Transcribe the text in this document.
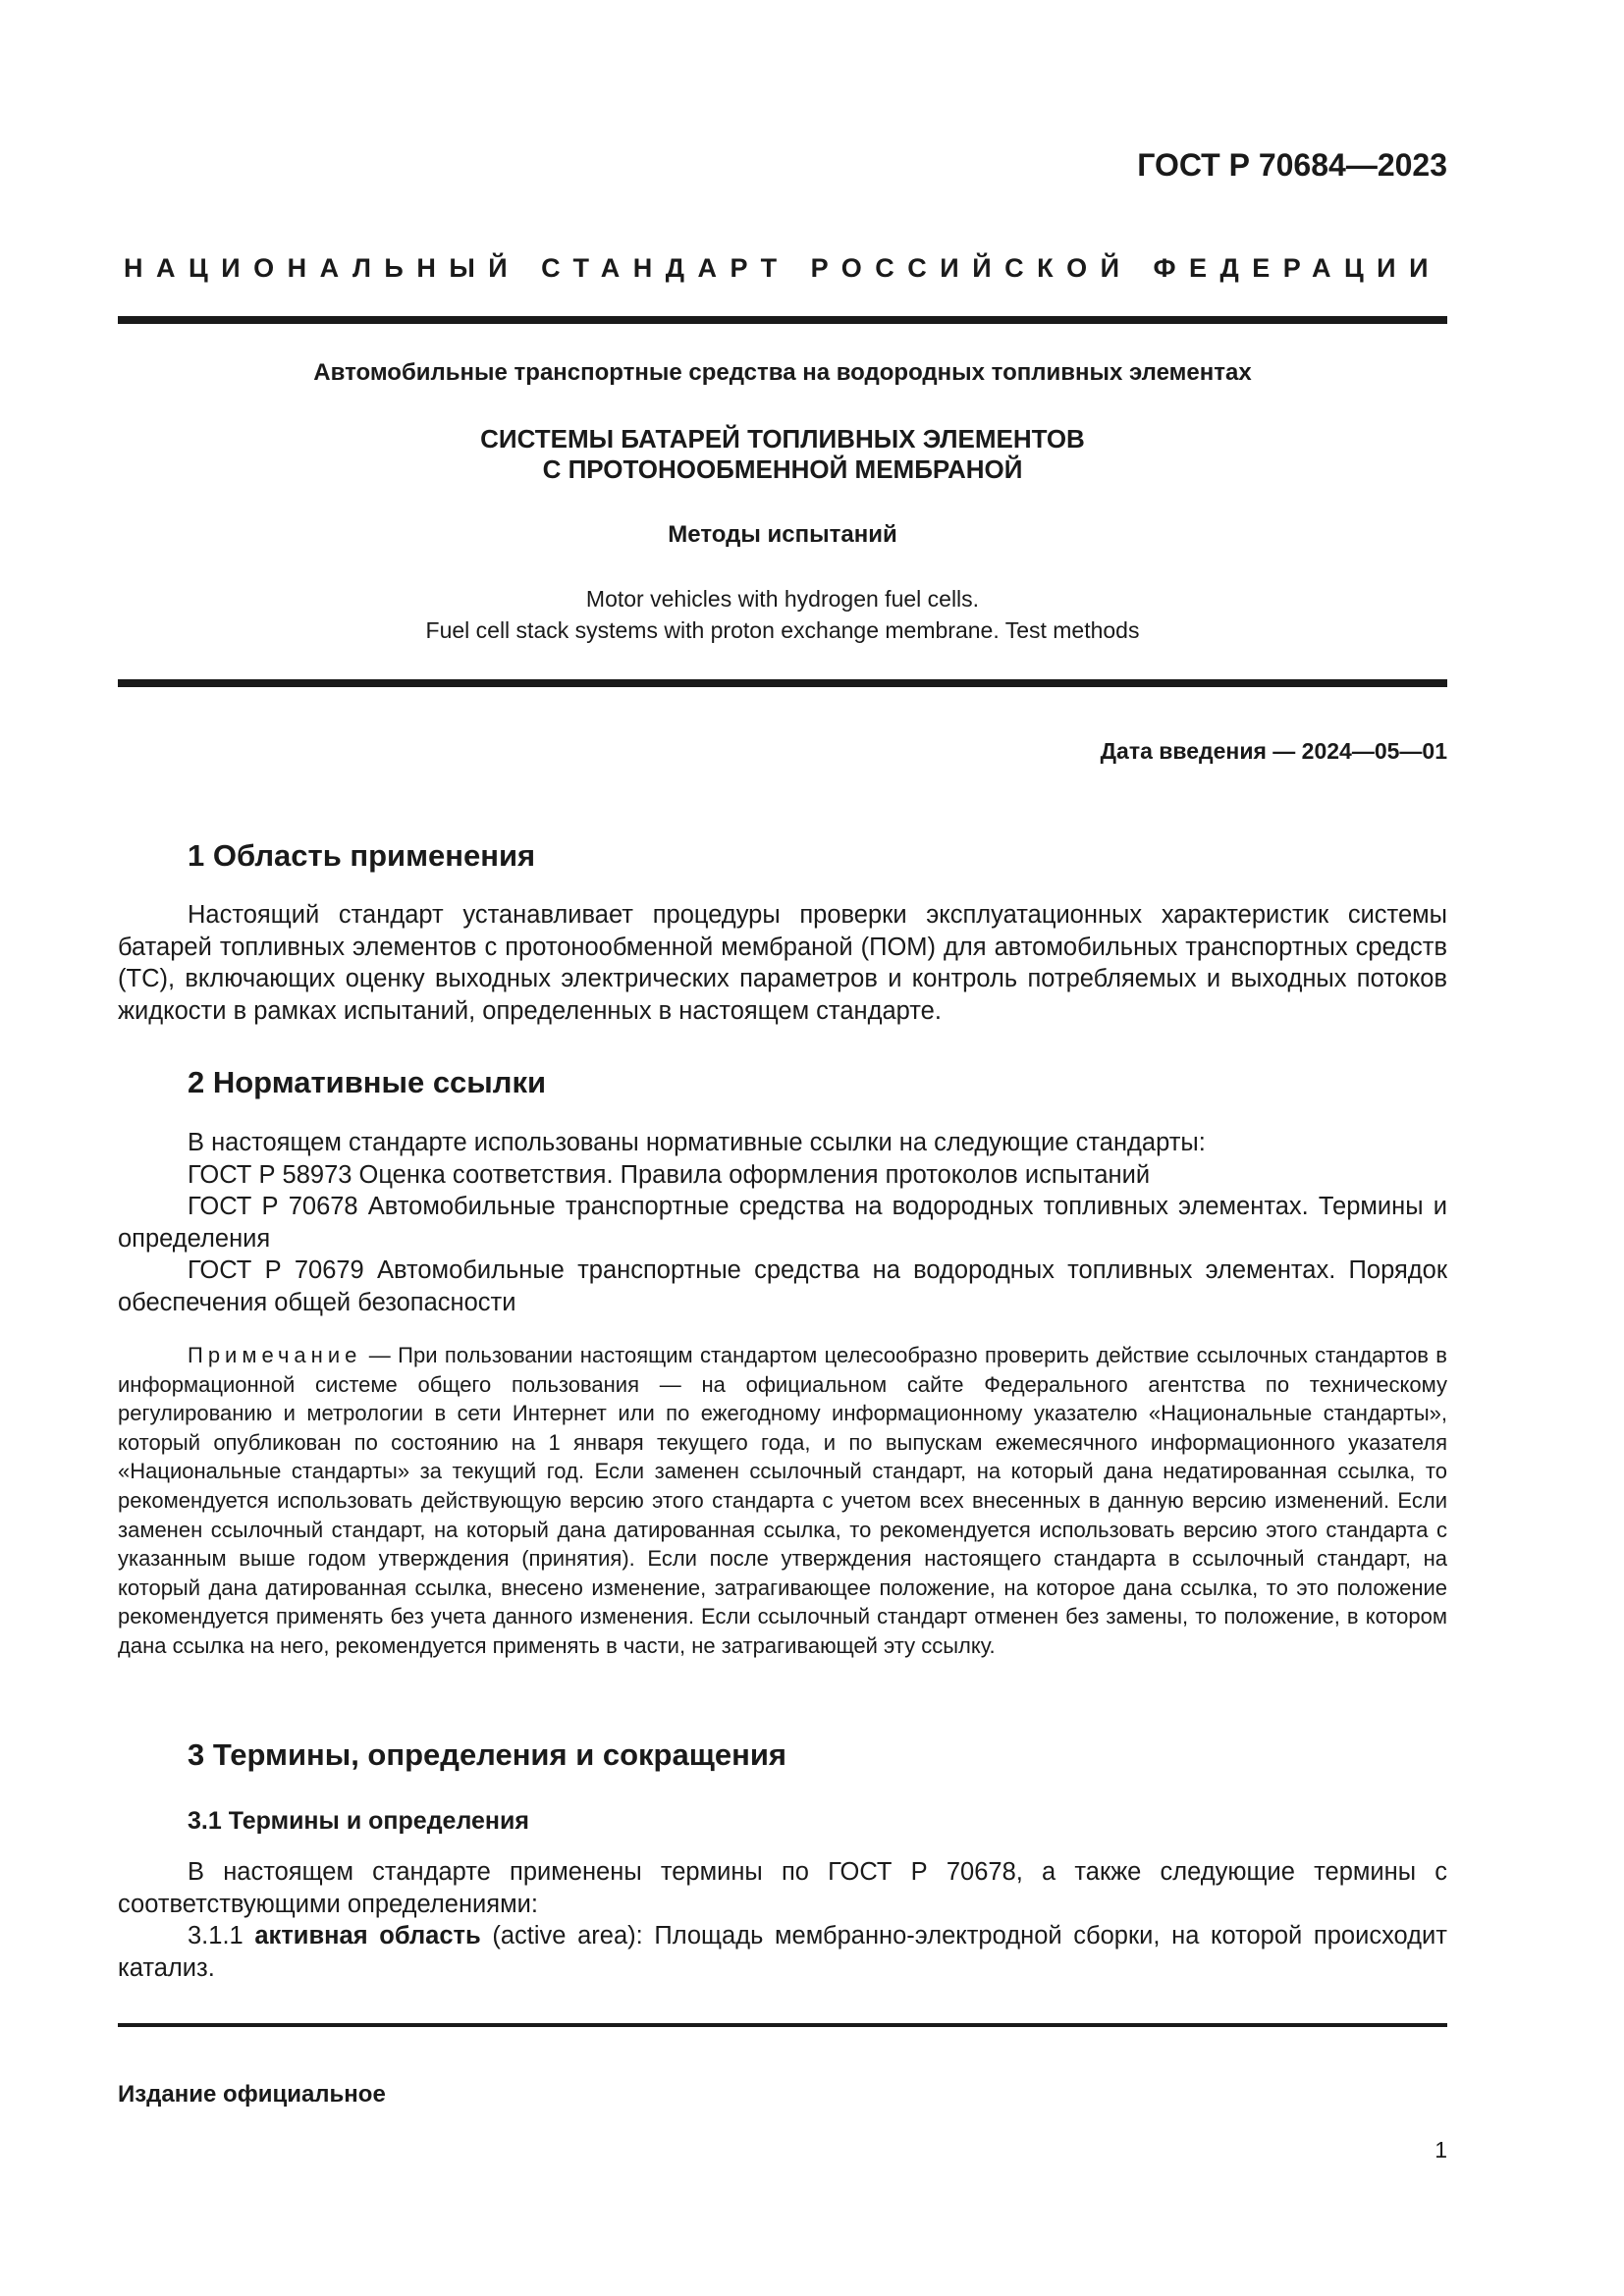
ГОСТ Р 70684—2023
НАЦИОНАЛЬНЫЙ СТАНДАРТ РОССИЙСКОЙ ФЕДЕРАЦИИ
Автомобильные транспортные средства на водородных топливных элементах
СИСТЕМЫ БАТАРЕЙ ТОПЛИВНЫХ ЭЛЕМЕНТОВ
С ПРОТОНООБМЕННОЙ МЕМБРАНОЙ
Методы испытаний
Motor vehicles with hydrogen fuel cells.
Fuel cell stack systems with proton exchange membrane. Test methods
Дата введения — 2024—05—01
1 Область применения

Настоящий стандарт устанавливает процедуры проверки эксплуатационных характеристик системы батарей топливных элементов с протонообменной мембраной (ПОМ) для автомобильных транспортных средств (ТС), включающих оценку выходных электрических параметров и контроль потребляемых и выходных потоков жидкости в рамках испытаний, определенных в настоящем стандарте.

2 Нормативные ссылки

В настоящем стандарте использованы нормативные ссылки на следующие стандарты:

ГОСТ Р 58973 Оценка соответствия. Правила оформления протоколов испытаний

ГОСТ Р 70678 Автомобильные транспортные средства на водородных топливных элементах. Термины и определения

ГОСТ Р 70679 Автомобильные транспортные средства на водородных топливных элементах. Порядок обеспечения общей безопасности

Примечание — При пользовании настоящим стандартом целесообразно проверить действие ссылочных стандартов в информационной системе общего пользования — на официальном сайте Федерального агентства по техническому регулированию и метрологии в сети Интернет или по ежегодному информационному указателю «Национальные стандарты», который опубликован по состоянию на 1 января текущего года, и по выпускам ежемесячного информационного указателя «Национальные стандарты» за текущий год. Если заменен ссылочный стандарт, на который дана недатированная ссылка, то рекомендуется использовать действующую версию этого стандарта с учетом всех внесенных в данную версию изменений. Если заменен ссылочный стандарт, на который дана датированная ссылка, то рекомендуется использовать версию этого стандарта с указанным выше годом утверждения (принятия). Если после утверждения настоящего стандарта в ссылочный стандарт, на который дана датированная ссылка, внесено изменение, затрагивающее положение, на которое дана ссылка, то это положение рекомендуется применять без учета данного изменения. Если ссылочный стандарт отменен без замены, то положение, в котором дана ссылка на него, рекомендуется применять в части, не затрагивающей эту ссылку.

3 Термины, определения и сокращения
3.1 Термины и определения

В настоящем стандарте применены термины по ГОСТ Р 70678, а также следующие термины с соответствующими определениями:

3.1.1 активная область (active area): Площадь мембранно-электродной сборки, на которой происходит катализ.

Издание официальное
1
